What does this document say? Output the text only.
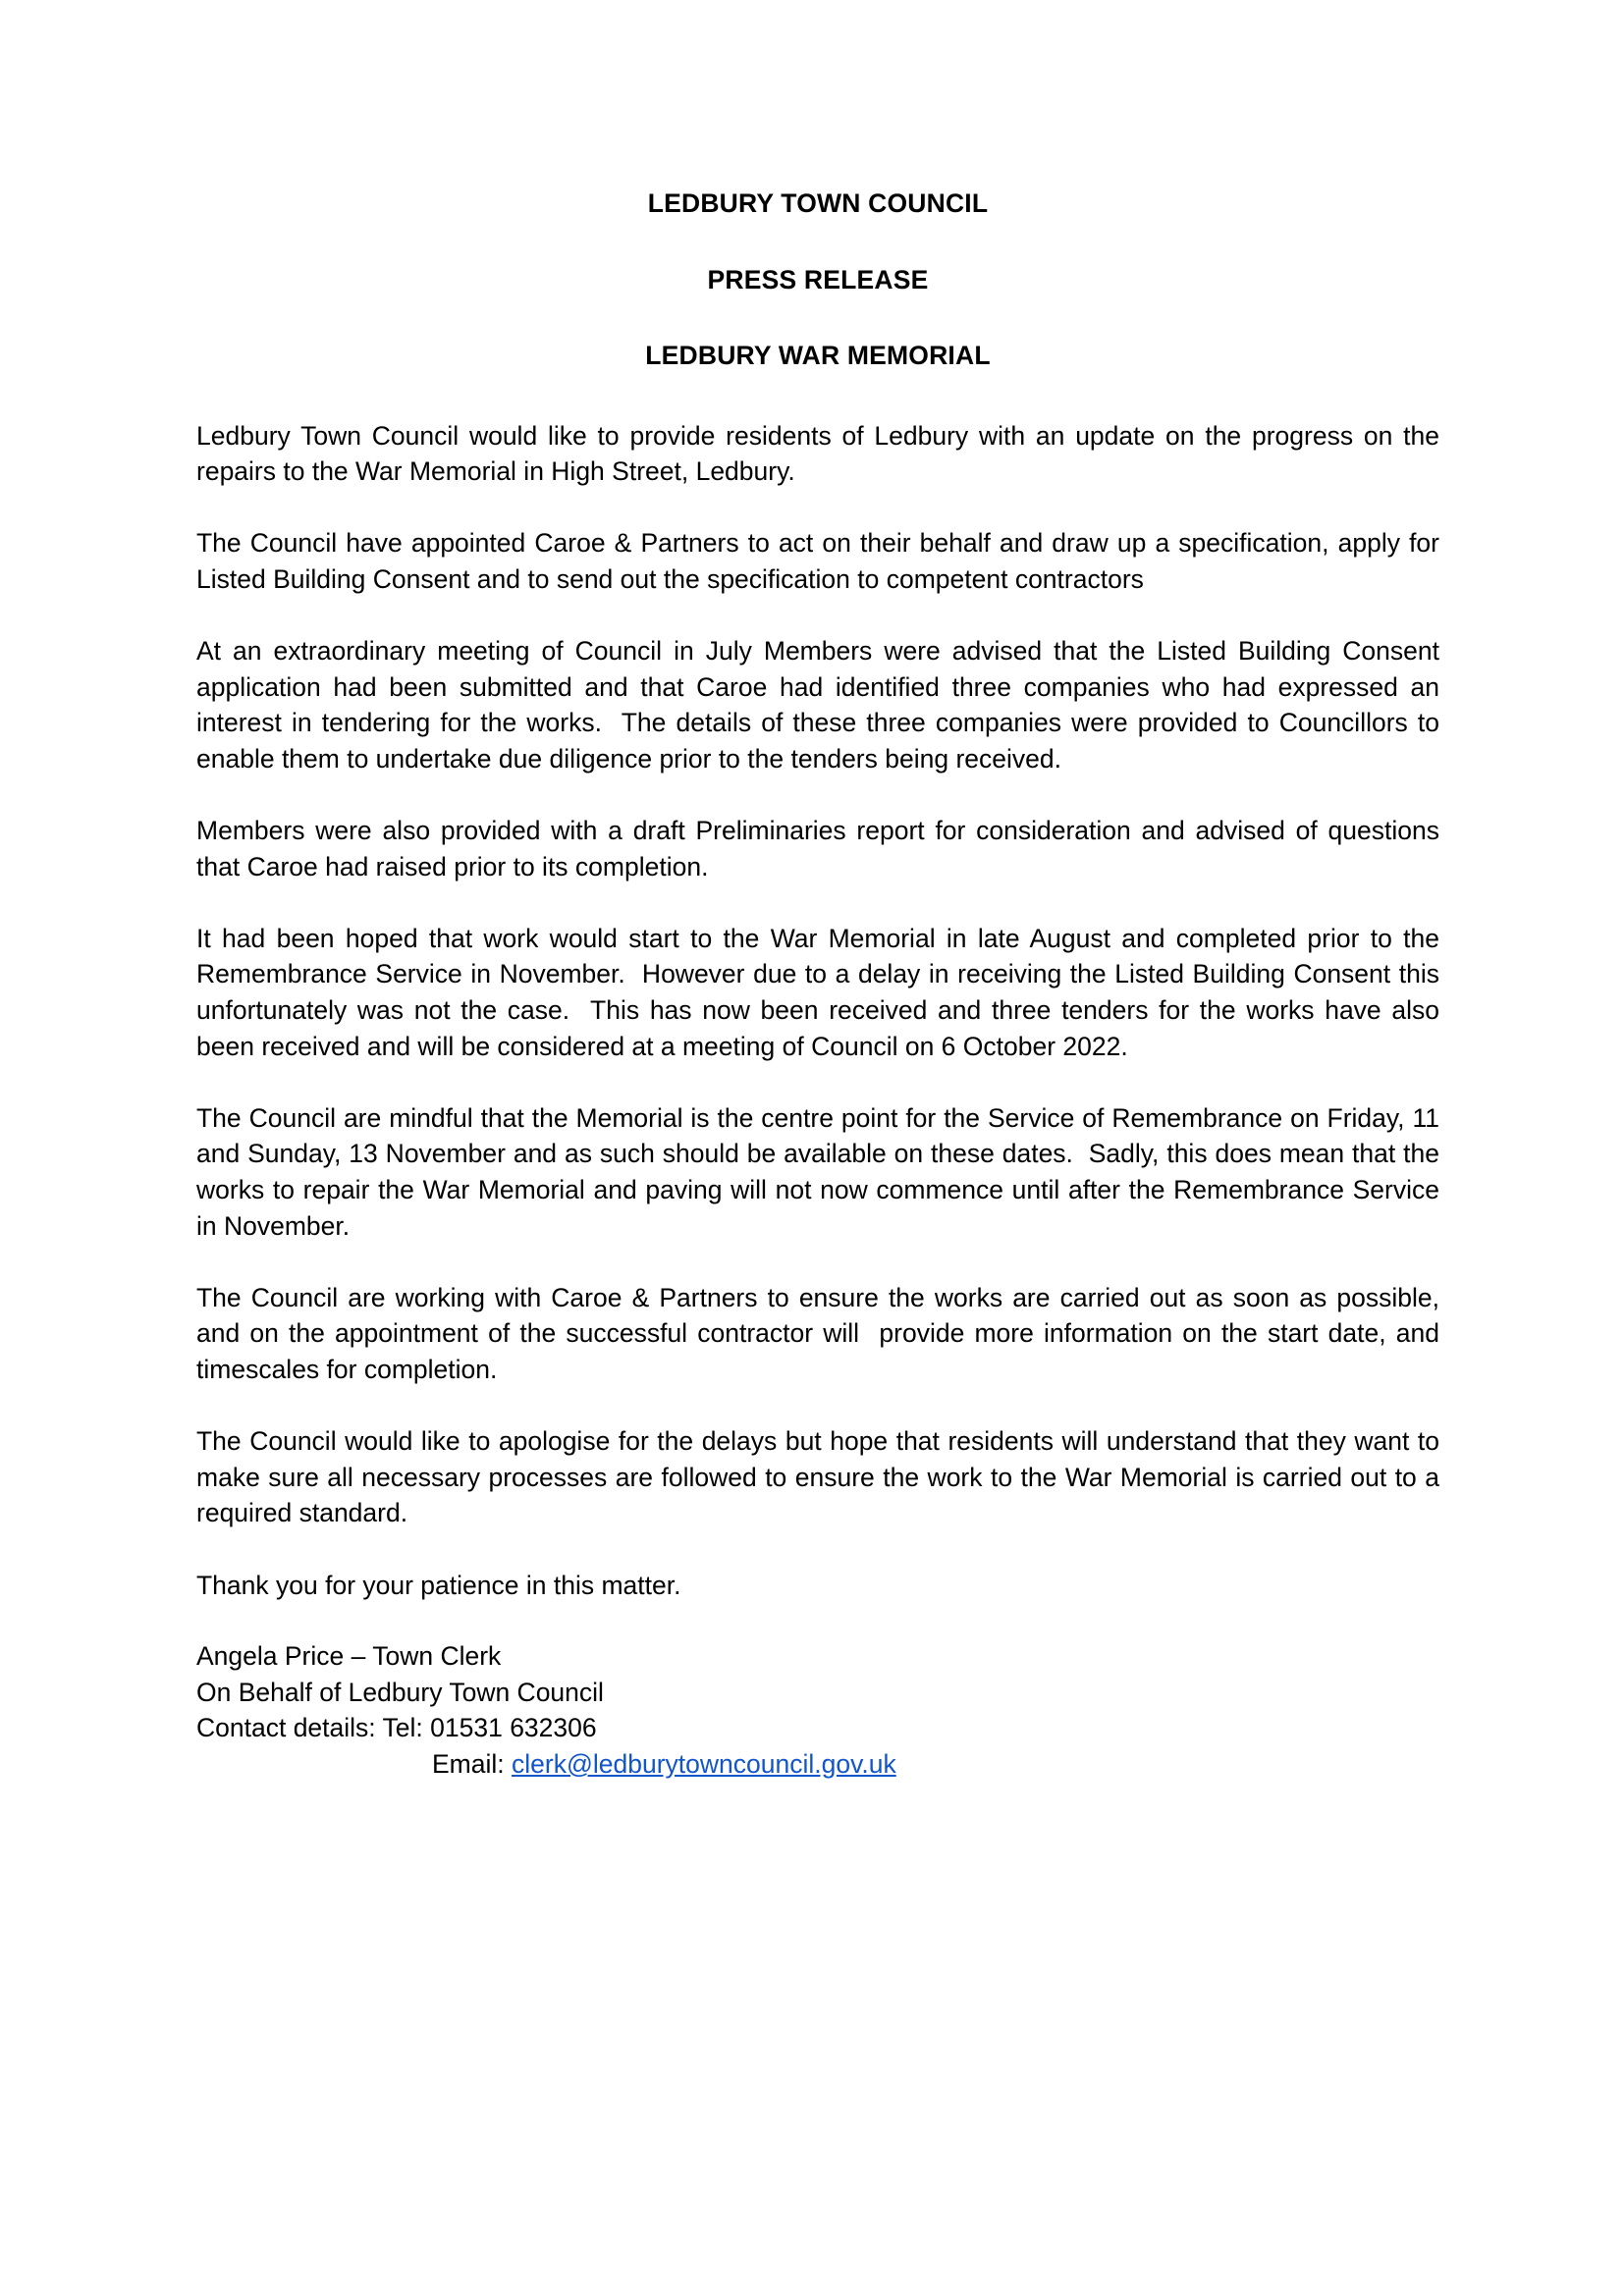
LEDBURY TOWN COUNCIL
PRESS RELEASE
LEDBURY WAR MEMORIAL

Ledbury Town Council would like to provide residents of Ledbury with an update on the progress on the repairs to the War Memorial in High Street, Ledbury.

The Council have appointed Caroe & Partners to act on their behalf and draw up a specification, apply for Listed Building Consent and to send out the specification to competent contractors

At an extraordinary meeting of Council in July Members were advised that the Listed Building Consent application had been submitted and that Caroe had identified three companies who had expressed an interest in tendering for the works.  The details of these three companies were provided to Councillors to enable them to undertake due diligence prior to the tenders being received.

Members were also provided with a draft Preliminaries report for consideration and advised of questions that Caroe had raised prior to its completion.

It had been hoped that work would start to the War Memorial in late August and completed prior to the Remembrance Service in November.  However due to a delay in receiving the Listed Building Consent this unfortunately was not the case.  This has now been received and three tenders for the works have also been received and will be considered at a meeting of Council on 6 October 2022.

The Council are mindful that the Memorial is the centre point for the Service of Remembrance on Friday, 11 and Sunday, 13 November and as such should be available on these dates.  Sadly, this does mean that the works to repair the War Memorial and paving will not now commence until after the Remembrance Service in November.

The Council are working with Caroe & Partners to ensure the works are carried out as soon as possible, and on the appointment of the successful contractor will  provide more information on the start date, and timescales for completion.

The Council would like to apologise for the delays but hope that residents will understand that they want to make sure all necessary processes are followed to ensure the work to the War Memorial is carried out to a required standard.

Thank you for your patience in this matter.

Angela Price – Town Clerk

On Behalf of Ledbury Town Council

Contact details: Tel: 01531 632306

Email: clerk@ledburytowncouncil.gov.uk
